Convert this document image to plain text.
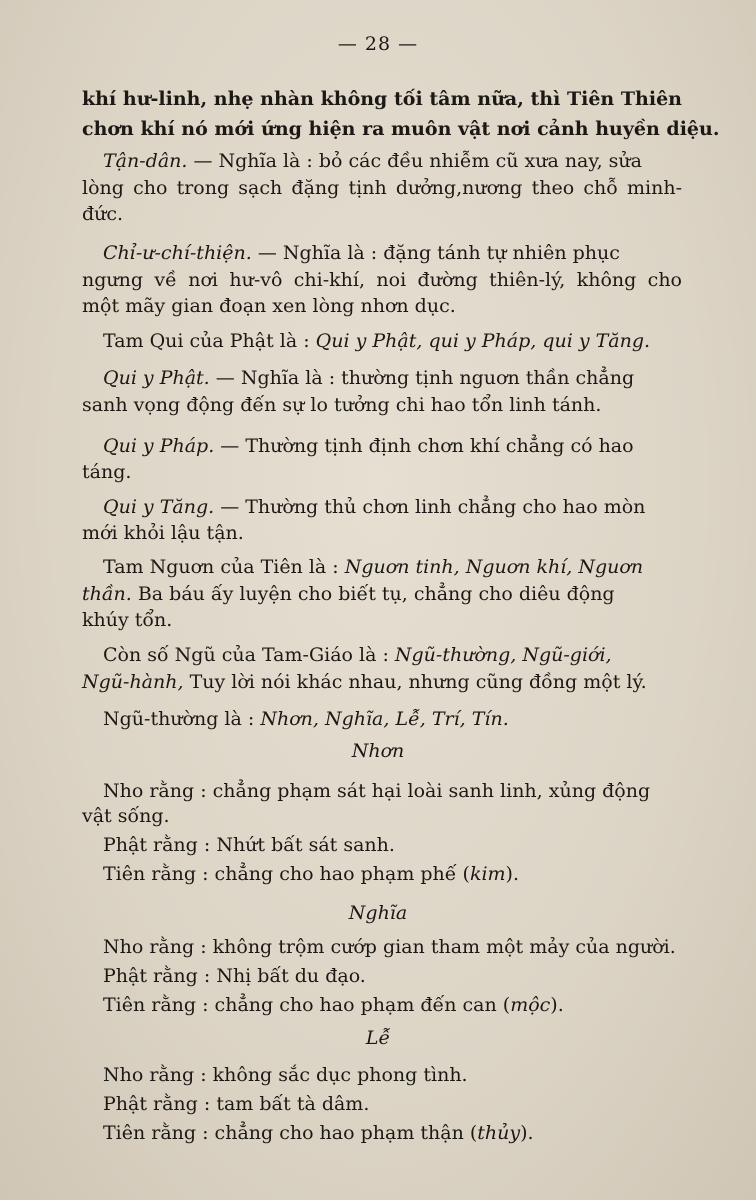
— 28 —
khí hư-linh, nhẹ nhàn không tối tâm nữa, thì Tiên Thiên
chơn khí nó mới ứng hiện ra muôn vật nơi cảnh huyền diệu.
Tận-dân. — Nghĩa là : bỏ các đều nhiễm cũ xưa nay, sửa
lòng cho trong sạch đặng tịnh dưởng,nương theo chỗ minh-
đức.
Chỉ-ư-chí-thiện. — Nghĩa là : đặng tánh tự nhiên phục
ngưng về nơi hư-vô chi-khí, noi đường thiên-lý, không cho
một mãy gian đoạn xen lòng nhơn dục.
Tam Qui của Phật là : Qui y Phật, qui y Pháp, qui y Tăng.
Qui y Phật. — Nghĩa là : thường tịnh nguơn thần chẳng
sanh vọng động đến sự lo tưởng chi hao tổn linh tánh.
Qui y Pháp. — Thường tịnh định chơn khí chẳng có hao
táng.
Qui y Tăng. — Thường thủ chơn linh chẳng cho hao mòn
mới khỏi lậu tận.
Tam Nguơn của Tiên là : Nguơn tinh, Nguơn khí, Nguơn
thần. Ba báu ấy luyện cho biết tụ, chẳng cho diêu động
khúy tổn.
Còn số Ngũ của Tam-Giáo là : Ngũ-thường, Ngũ-giới,
Ngũ-hành, Tuy lời nói khác nhau, nhưng cũng đồng một lý.
Ngũ-thường là : Nhơn, Nghĩa, Lễ, Trí, Tín.
Nhơn
Nho rằng : chẳng phạm sát hại loài sanh linh, xủng động
vật sống.
Phật rằng : Nhứt bất sát sanh.
Tiên rằng : chẳng cho hao phạm phế (kim).
Nghĩa
Nho rằng : không trộm cướp gian tham một mảy của người.
Phật rằng : Nhị bất du đạo.
Tiên rằng : chẳng cho hao phạm đến can (mộc).
Lễ
Nho rằng : không sắc dục phong tình.
Phật rằng : tam bất tà dâm.
Tiên rằng : chẳng cho hao phạm thận (thủy).
